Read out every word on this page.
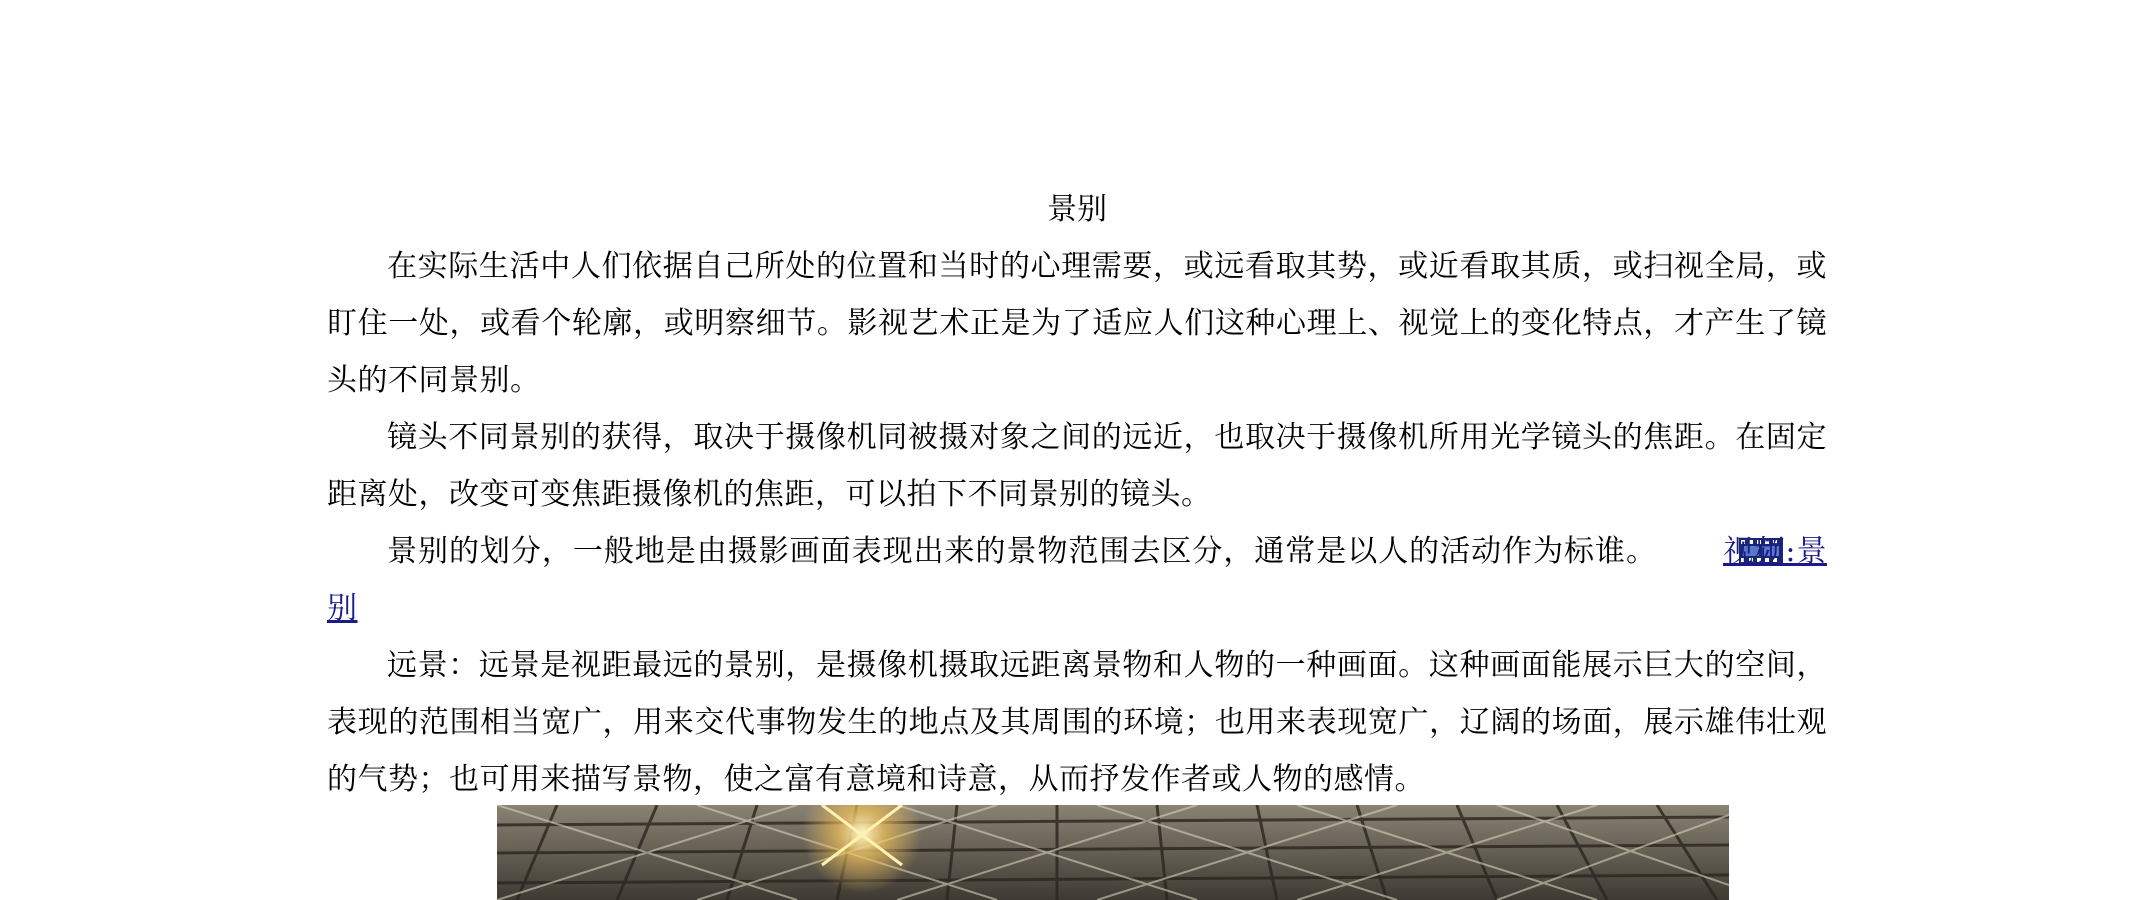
景别

在实际生活中人们依据自己所处的位置和当时的心理需要，或远看取其势，或近看取其质，或扫视全局，或盯住一处，或看个轮廓，或明察细节。影视艺术正是为了适应人们这种心理上、视觉上的变化特点，才产生了镜头的不同景别。

镜头不同景别的获得，取决于摄像机同被摄对象之间的远近，也取决于摄像机所用光学镜头的焦距。在固定距离处，改变可变焦距摄像机的焦距，可以拍下不同景别的镜头。

景别的划分，一般地是由摄影画面表现出来的景物范围去区分，通常是以人的活动作为标谁。 视频:景别

远景：远景是视距最远的景别，是摄像机摄取远距离景物和人物的一种画面。这种画面能展示巨大的空间，表现的范围相当宽广，用来交代事物发生的地点及其周围的环境；也用来表现宽广，辽阔的场面，展示雄伟壮观的气势；也可用来描写景物，使之富有意境和诗意，从而抒发作者或人物的感情。
